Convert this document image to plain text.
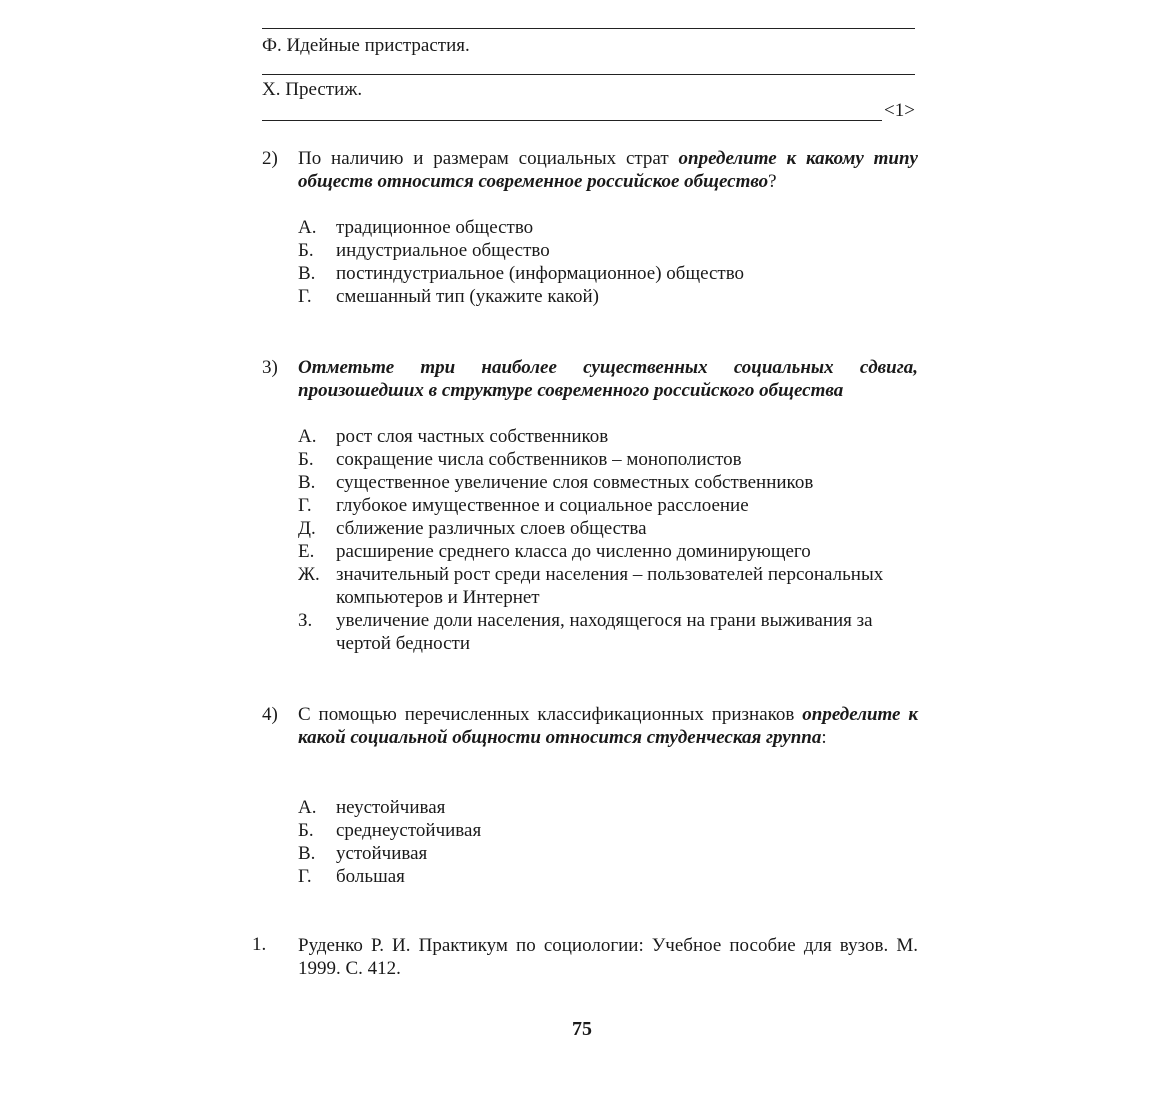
Ф. Идейные пристрастия.
Х. Престиж.
<1>
2) По наличию и размерам социальных страт определите к какому типу обществ относится современное российское общество?
А. традиционное общество
Б. индустриальное общество
В. постиндустриальное (информационное) общество
Г. смешанный тип (укажите какой)
3) Отметьте три наиболее существенных социальных сдвига, произошедших в структуре современного российского общества
А. рост слоя частных собственников
Б. сокращение числа собственников – монополистов
В. существенное увеличение слоя совместных собственников
Г. глубокое имущественное и социальное расслоение
Д. сближение различных слоев общества
Е. расширение среднего класса до численно доминирующего
Ж. значительный рост среди населения – пользователей персональных компьютеров и Интернет
З. увеличение доли населения, находящегося на грани выживания за чертой бедности
4) С помощью перечисленных классификационных признаков определите к какой социальной общности относится студенческая группа:
А. неустойчивая
Б. среднеустойчивая
В. устойчивая
Г. большая
1. Руденко Р. И. Практикум по социологии: Учебное пособие для вузов. М. 1999. С. 412.
75
